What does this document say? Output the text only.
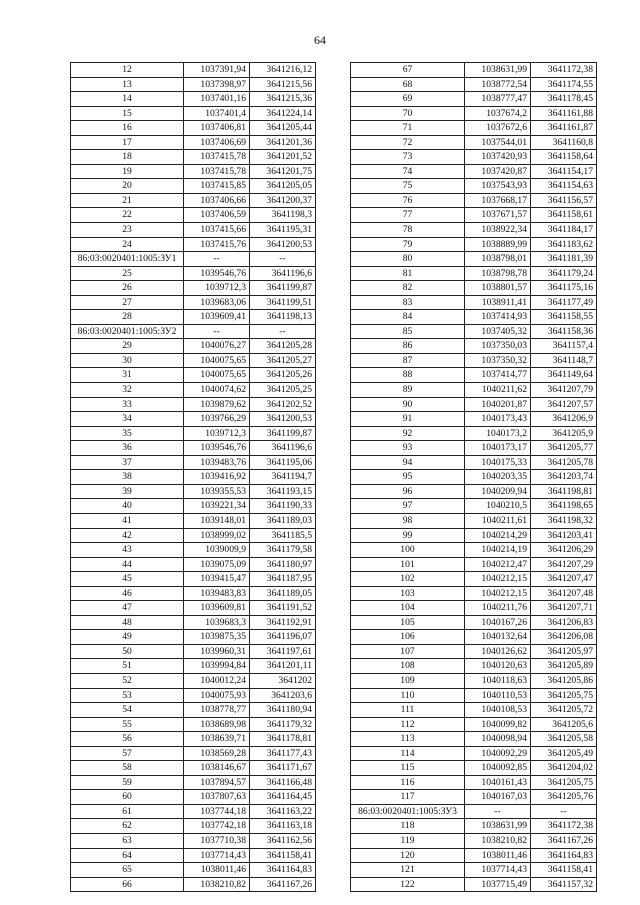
64
12	1037391,94	3641216,12
13	1037398,97	3641215,56
14	1037401,16	3641215,36
15	1037401,4	3641224,14
16	1037406,81	3641205,44
17	1037406,69	3641201,36
18	1037415,78	3641201,52
19	1037415,78	3641201,75
20	1037415,85	3641205,05
21	1037406,66	3641200,37
22	1037406,59	3641198,3
23	1037415,66	3641195,31
24	1037415,76	3641200,53
86:03:0020401:1005:ЗУ1	--	--
25	1039546,76	3641196,6
26	1039712,3	3641199,87
27	1039683,06	3641199,51
28	1039609,41	3641198,13
86:03:0020401:1005:ЗУ2	--	--
29	1040076,27	3641205,28
30	1040075,65	3641205,27
31	1040075,65	3641205,26
32	1040074,62	3641205,25
33	1039879,62	3641202,52
34	1039766,29	3641200,53
35	1039712,3	3641199,87
36	1039546,76	3641196,6
37	1039483,76	3641195,06
38	1039416,92	3641194,7
39	1039355,53	3641193,15
40	1039221,34	3641190,33
41	1039148,01	3641189,03
42	1038999,02	3641185,5
43	1039009,9	3641179,58
44	1039075,09	3641180,97
45	1039415,47	3641187,95
46	1039483,83	3641189,05
47	1039609,81	3641191,52
48	1039683,3	3641192,91
49	1039875,35	3641196,07
50	1039960,31	3641197,61
51	1039994,84	3641201,11
52	1040012,24	3641202
53	1040075,93	3641203,6
54	1038778,77	3641180,94
55	1038689,98	3641179,32
56	1038639,71	3641178,81
57	1038569,28	3641177,43
58	1038146,67	3641171,67
59	1037894,57	3641166,48
60	1037807,63	3641164,45
61	1037744,18	3641163,22
62	1037742,18	3641163,18
63	1037710,38	3641162,56
64	1037714,43	3641158,41
65	1038011,46	3641164,83
66	1038210,82	3641167,26
67	1038631,99	3641172,38
68	1038772,54	3641174,55
69	1038777,47	3641178,45
70	1037674,2	3641161,88
71	1037672,6	3641161,87
72	1037544,01	3641160,8
73	1037420,93	3641158,64
74	1037420,87	3641154,17
75	1037543,93	3641154,63
76	1037668,17	3641156,57
77	1037671,57	3641158,61
78	1038922,34	3641184,17
79	1038889,99	3641183,62
80	1038798,01	3641181,39
81	1038798,78	3641179,24
82	1038801,57	3641175,16
83	1038911,41	3641177,49
84	1037414,93	3641158,55
85	1037405,32	3641158,36
86	1037350,03	3641157,4
87	1037350,32	3641148,7
88	1037414,77	3641149,64
89	1040211,62	3641207,79
90	1040201,87	3641207,57
91	1040173,43	3641206,9
92	1040173,2	3641205,9
93	1040173,17	3641205,77
94	1040175,33	3641205,78
95	1040203,35	3641203,74
96	1040209,94	3641198,81
97	1040210,5	3641198,65
98	1040211,61	3641198,32
99	1040214,29	3641203,41
100	1040214,19	3641206,29
101	1040212,47	3641207,29
102	1040212,15	3641207,47
103	1040212,15	3641207,48
104	1040211,76	3641207,71
105	1040167,26	3641206,83
106	1040132,64	3641206,08
107	1040126,62	3641205,97
108	1040120,63	3641205,89
109	1040118,63	3641205,86
110	1040110,53	3641205,75
111	1040108,53	3641205,72
112	1040099,82	3641205,6
113	1040098,94	3641205,58
114	1040092,29	3641205,49
115	1040092,85	3641204,02
116	1040161,43	3641205,75
117	1040167,03	3641205,76
86:03:0020401:1005:ЗУ3	--	--
118	1038631,99	3641172,38
119	1038210,82	3641167,26
120	1038011,46	3641164,83
121	1037714,43	3641158,41
122	1037715,49	3641157,32
